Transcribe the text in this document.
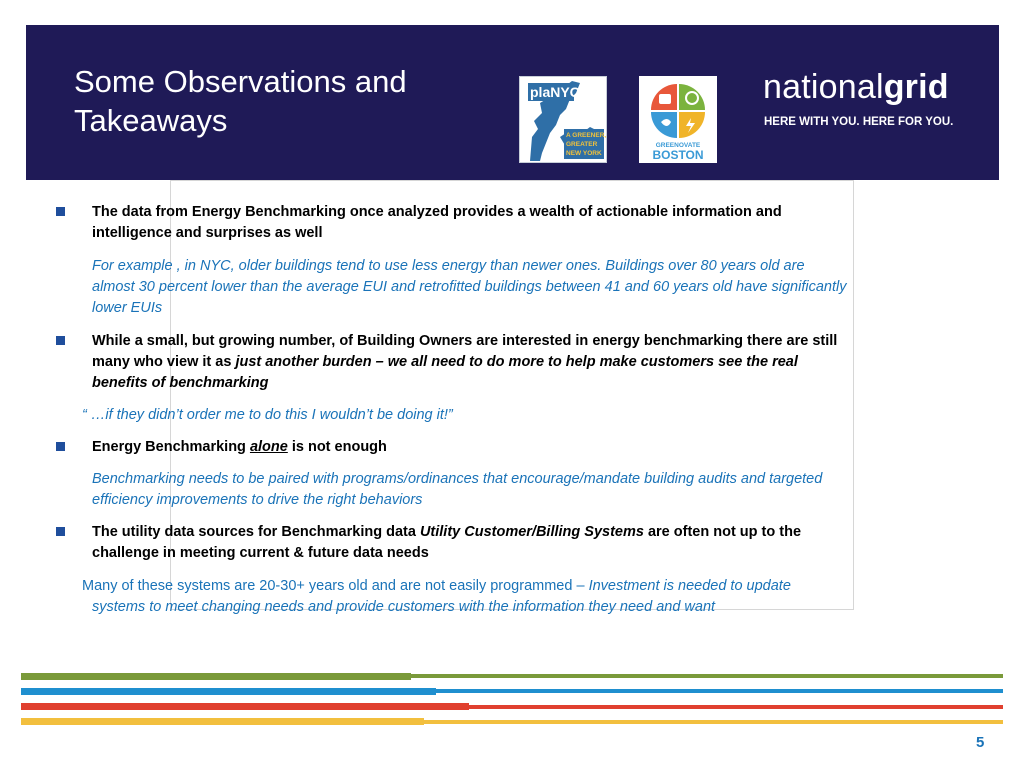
Some Observations and
Takeaways
plaNYC
A GREENER,
GREATER
NEW YORK
GREENOVATE
BOSTON
nationalgrid
HERE WITH YOU. HERE FOR YOU.
The data from Energy Benchmarking once analyzed provides a wealth of actionable information and
intelligence and surprises as well
For example , in NYC, older buildings tend to use less energy than newer ones. Buildings over 80 years old are
almost 30 percent lower than the average EUI and retrofitted buildings between 41 and 60 years old have significantly
lower EUIs
While a small, but growing number, of Building Owners are interested in energy benchmarking there are still
many who view it as just another burden – we all need to do more to help make customers see the real
benefits of benchmarking
“ …if they didn’t order me to do this I wouldn’t be doing it!”
Energy Benchmarking alone is not enough
Benchmarking needs to be paired with programs/ordinances that encourage/mandate building audits and targeted
efficiency improvements to drive the right behaviors
The utility data sources for Benchmarking data Utility Customer/Billing Systems are often not up to the
challenge in meeting current & future data needs
Many of these systems are 20-30+ years old and are not easily programmed – Investment is needed to update
systems to meet changing needs and provide customers with the information they need and want
5
